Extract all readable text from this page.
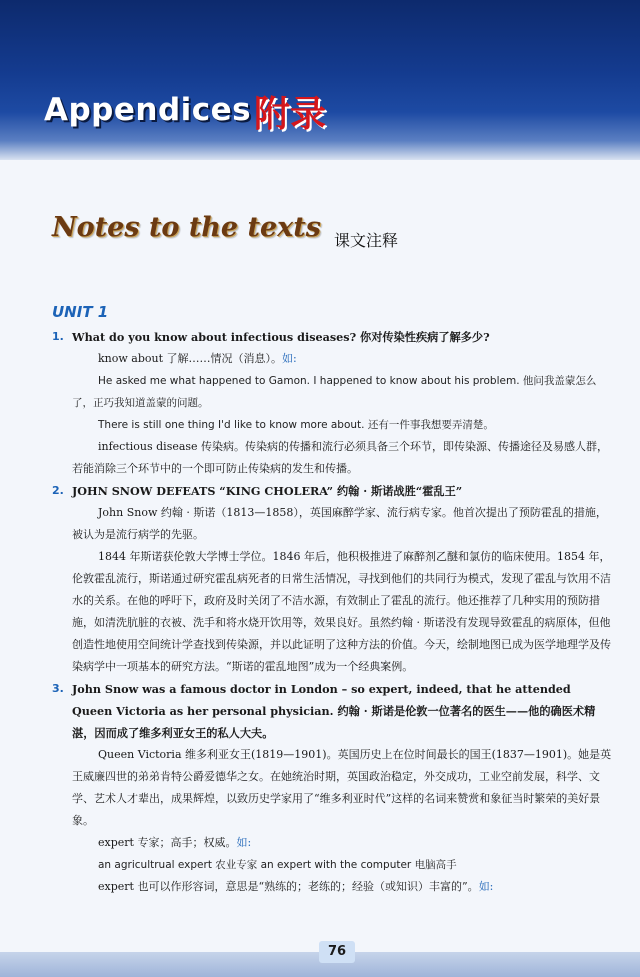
Appendices 附录
Notes to the texts 课文注释
UNIT 1
1. What do you know about infectious diseases? 你对传染性疾病了解多少?

know about 了解……情况（消息）。如:

He asked me what happened to Gamon. I happened to know about his problem. 他问我盖蒙怎么了，正巧我知道盖蒙的问题。

There is still one thing I'd like to know more about. 还有一件事我想要弄清楚。

infectious disease 传染病。传染病的传播和流行必须具备三个环节，即传染源、传播途径及易感人群，若能消除三个环节中的一个即可防止传染病的发生和传播。

2. JOHN SNOW DEFEATS “KING CHOLERA” 约翰 · 斯诺战胜“霍乱王”

John Snow 约翰 · 斯诺（1813—1858），英国麻醉学家、流行病专家。他首次提出了预防霍乱的措施，被认为是流行病学的先驱。

1844 年斯诺获伦敦大学博士学位。1846 年后，他积极推进了麻醉剂乙醚和氯仿的临床使用。1854 年，伦敦霍乱流行，斯诺通过研究霍乱病死者的日常生活情况，寻找到他们的共同行为模式，发现了霍乱与饮用不洁水的关系。在他的呼吁下，政府及时关闭了不洁水源，有效制止了霍乱的流行。他还推荐了几种实用的预防措施，如清洗肮脏的衣被、洗手和将水烧开饮用等，效果良好。虽然约翰 · 斯诺没有发现导致霍乱的病原体，但他创造性地使用空间统计学查找到传染源，并以此证明了这种方法的价值。今天，绘制地图已成为医学地理学及传染病学中一项基本的研究方法。“斯诺的霍乱地图”成为一个经典案例。

3. John Snow was a famous doctor in London – so expert, indeed, that he attended Queen Victoria as her personal physician. 约翰 · 斯诺是伦敦一位著名的医生——他的确医术精湛，因而成了维多利亚女王的私人大夫。

Queen Victoria 维多利亚女王(1819—1901)。英国历史上在位时间最长的国王(1837—1901)。她是英王威廉四世的弟弟肯特公爵爱德华之女。在她统治时期，英国政治稳定，外交成功，工业空前发展，科学、文学、艺术人才辈出，成果辉煌，以致历史学家用了“维多利亚时代”这样的名词来赞赏和象征当时繁荣的美好景象。

expert 专家；高手；权威。如:

an agricultrual expert 农业专家 an expert with the computer 电脑高手

expert 也可以作形容词，意思是“熟练的；老练的；经验（或知识）丰富的”。如:

76
